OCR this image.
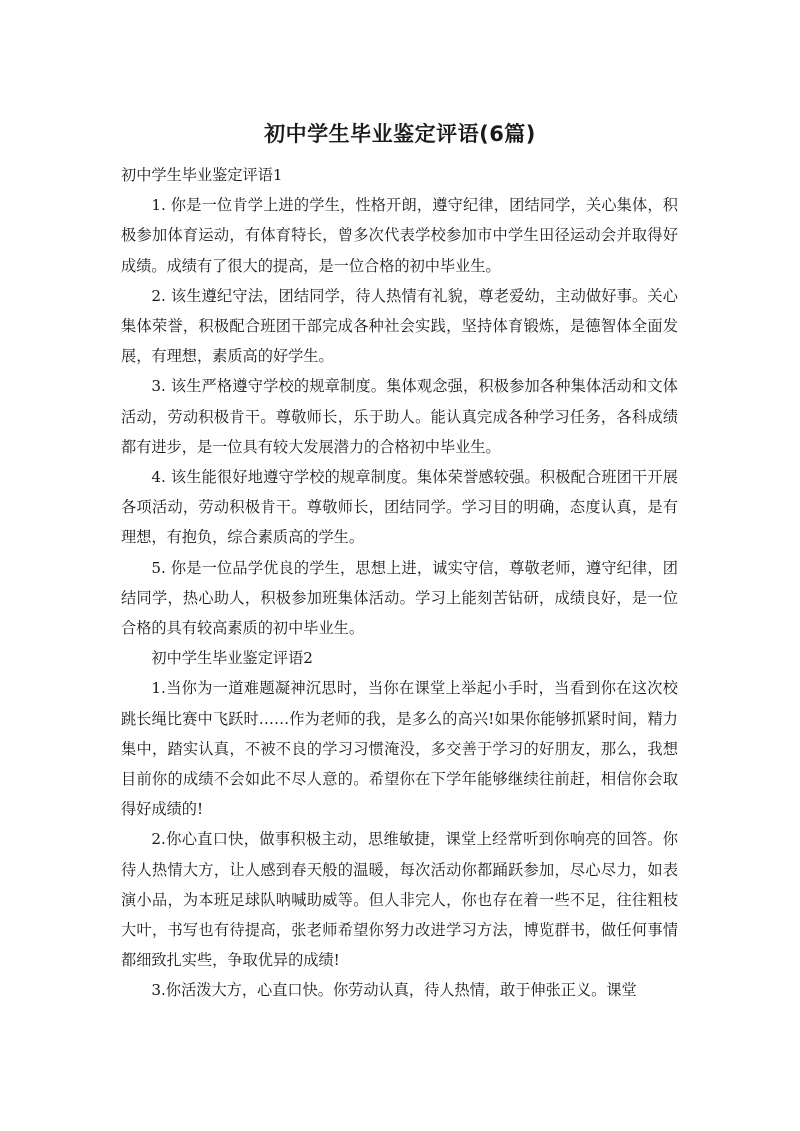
初中学生毕业鉴定评语(6篇)

初中学生毕业鉴定评语1

1. 你是一位肯学上进的学生，性格开朗，遵守纪律，团结同学，关心集体，积极参加体育运动，有体育特长，曾多次代表学校参加市中学生田径运动会并取得好成绩。成绩有了很大的提高，是一位合格的初中毕业生。

2. 该生遵纪守法，团结同学，待人热情有礼貌，尊老爱幼，主动做好事。关心集体荣誉，积极配合班团干部完成各种社会实践，坚持体育锻炼，是德智体全面发展，有理想，素质高的好学生。

3. 该生严格遵守学校的规章制度。集体观念强，积极参加各种集体活动和文体活动，劳动积极肯干。尊敬师长，乐于助人。能认真完成各种学习任务，各科成绩都有进步，是一位具有较大发展潜力的合格初中毕业生。

4. 该生能很好地遵守学校的规章制度。集体荣誉感较强。积极配合班团干开展各项活动，劳动积极肯干。尊敬师长，团结同学。学习目的明确，态度认真，是有理想，有抱负，综合素质高的学生。

5. 你是一位品学优良的学生，思想上进，诚实守信，尊敬老师，遵守纪律，团结同学，热心助人，积极参加班集体活动。学习上能刻苦钻研，成绩良好，是一位合格的具有较高素质的初中毕业生。

初中学生毕业鉴定评语2

1.当你为一道难题凝神沉思时，当你在课堂上举起小手时，当看到你在这次校跳长绳比赛中飞跃时……作为老师的我，是多么的高兴!如果你能够抓紧时间，精力集中，踏实认真，不被不良的学习习惯淹没，多交善于学习的好朋友，那么，我想目前你的成绩不会如此不尽人意的。希望你在下学年能够继续往前赶，相信你会取得好成绩的!

2.你心直口快，做事积极主动，思维敏捷，课堂上经常听到你响亮的回答。你待人热情大方，让人感到春天般的温暖，每次活动你都踊跃参加，尽心尽力，如表演小品，为本班足球队呐喊助威等。但人非完人，你也存在着一些不足，往往粗枝大叶，书写也有待提高，张老师希望你努力改进学习方法，博览群书，做任何事情都细致扎实些，争取优异的成绩!

3.你活泼大方，心直口快。你劳动认真，待人热情，敢于伸张正义。课堂
